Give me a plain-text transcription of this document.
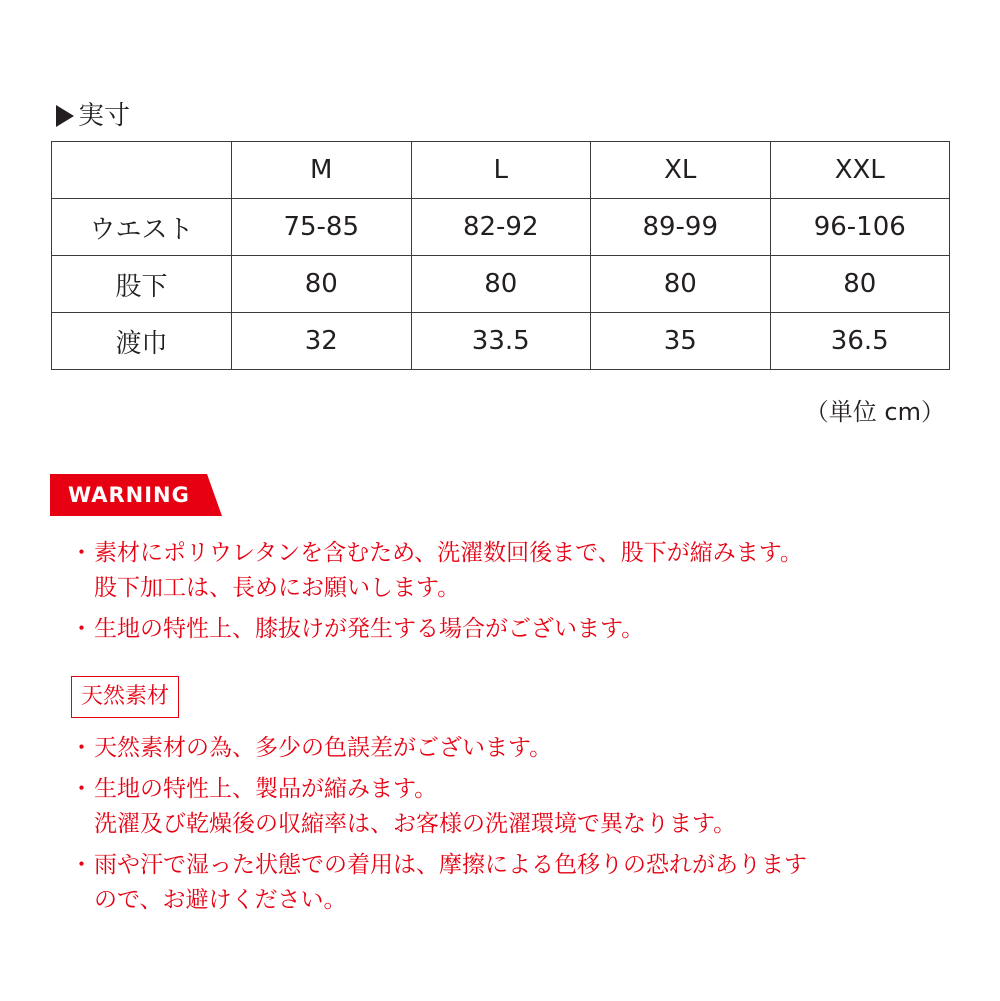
実寸
	M	L	XL	XXL
ウエスト	75-85	82-92	89-99	96-106
股下	80	80	80	80
渡巾	32	33.5	35	36.5
（単位 cm）
WARNING
・ 素材にポリウレタンを含むため、洗濯数回後まで、股下が縮みます。
股下加工は、長めにお願いします。
・ 生地の特性上、膝抜けが発生する場合がございます。
天然素材
・ 天然素材の為、多少の色誤差がございます。
・ 生地の特性上、製品が縮みます。
洗濯及び乾燥後の収縮率は、お客様の洗濯環境で異なります。
・ 雨や汗で湿った状態での着用は、摩擦による色移りの恐れがあります
ので、お避けください。
